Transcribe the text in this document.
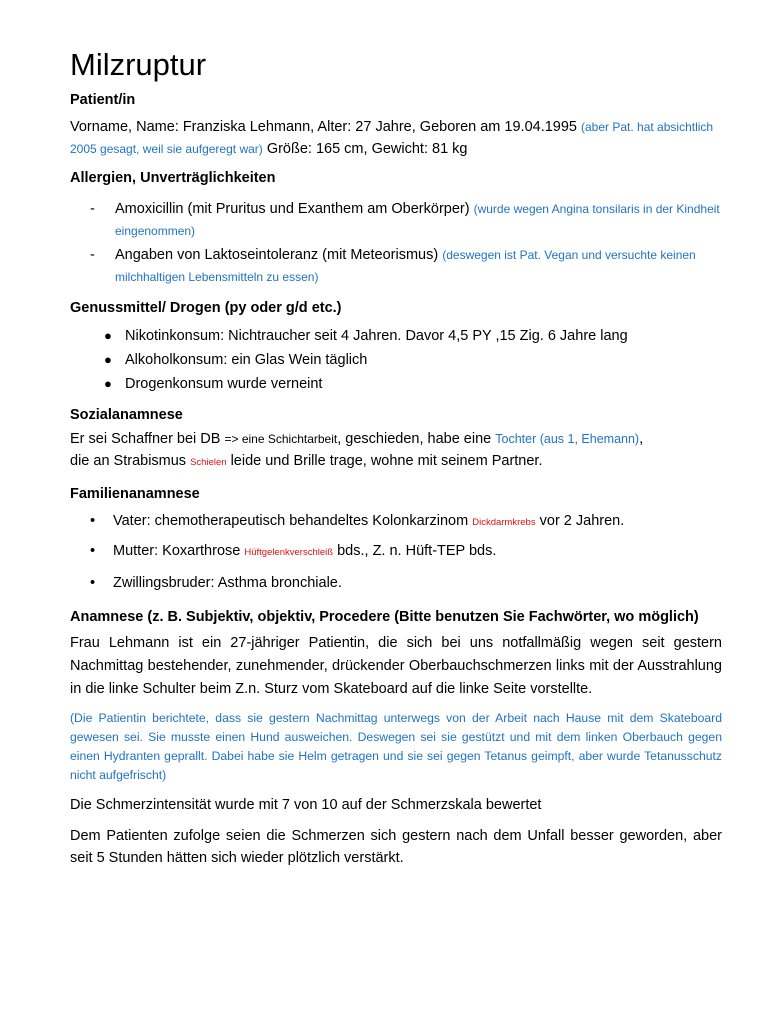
Milzruptur
Patient/in

Vorname, Name: Franziska Lehmann, Alter: 27 Jahre, Geboren am 19.04.1995 (aber Pat. hat absichtlich 2005 gesagt, weil sie aufgeregt war) Größe: 165 cm, Gewicht: 81 kg

Allergien, Unverträglichkeiten
- Amoxicillin (mit Pruritus und Exanthem am Oberkörper) (wurde wegen Angina tonsilaris in der Kindheit eingenommen)
- Angaben von Laktoseintoleranz (mit Meteorismus) (deswegen ist Pat. Vegan und versuchte keinen milchhaltigen Lebensmitteln zu essen)
Genussmittel/ Drogen (py oder g/d etc.)
● Nikotinkonsum: Nichtraucher seit 4 Jahren. Davor 4,5 PY ,15 Zig. 6 Jahre lang
● Alkoholkonsum: ein Glas Wein täglich
● Drogenkonsum wurde verneint
Sozialanamnese

Er sei Schaffner bei DB => eine Schichtarbeit, geschieden, habe eine Tochter (aus 1, Ehemann),
die an Strabismus Schielen leide und Brille trage, wohne mit seinem Partner.

Familienanamnese
• Vater: chemotherapeutisch behandeltes Kolonkarzinom Dickdarmkrebs vor 2 Jahren.
• Mutter: Koxarthrose Hüftgelenkverschleiß bds., Z. n. Hüft-TEP bds.
• Zwillingsbruder: Asthma bronchiale.
Anamnese (z. B. Subjektiv, objektiv, Procedere (Bitte benutzen Sie Fachwörter, wo möglich)

Frau Lehmann ist ein 27-jähriger Patientin, die sich bei uns notfallmäßig wegen seit gestern Nachmittag bestehender, zunehmender, drückender Oberbauchschmerzen links mit der Ausstrahlung in die linke Schulter beim Z.n. Sturz vom Skateboard auf die linke Seite vorstellte.

(Die Patientin berichtete, dass sie gestern Nachmittag unterwegs von der Arbeit nach Hause mit dem Skateboard gewesen sei. Sie musste einen Hund ausweichen. Deswegen sei sie gestützt und mit dem linken Oberbauch gegen einen Hydranten geprallt. Dabei habe sie Helm getragen und sie sei gegen Tetanus geimpft, aber wurde Tetanusschutz nicht aufgefrischt)

Die Schmerzintensität wurde mit 7 von 10 auf der Schmerzskala bewertet

Dem Patienten zufolge seien die Schmerzen sich gestern nach dem Unfall besser geworden, aber seit 5 Stunden hätten sich wieder plötzlich verstärkt.
